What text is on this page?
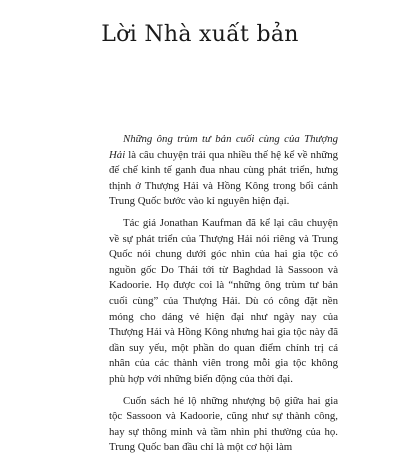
Lời Nhà xuất bản

Những ông trùm tư bản cuối cùng của Thượng Hải là câu chuyện trải qua nhiều thế hệ kể về những đế chế kinh tế ganh đua nhau cùng phát triển, hưng thịnh ở Thượng Hải và Hồng Kông trong bối cảnh Trung Quốc bước vào kỉ nguyên hiện đại.

Tác giả Jonathan Kaufman đã kể lại câu chuyện về sự phát triển của Thượng Hải nói riêng và Trung Quốc nói chung dưới góc nhìn của hai gia tộc có nguồn gốc Do Thái tới từ Baghdad là Sassoon và Kadoorie. Họ được coi là “những ông trùm tư bản cuối cùng” của Thượng Hải. Dù có công đặt nền móng cho dáng vẻ hiện đại như ngày nay của Thượng Hải và Hồng Kông nhưng hai gia tộc này đã dần suy yếu, một phần do quan điểm chính trị cá nhân của các thành viên trong mỗi gia tộc không phù hợp với những biến động của thời đại.

Cuốn sách hé lộ những nhượng bộ giữa hai gia tộc Sassoon và Kadoorie, cũng như sự thành công, hay sự thông minh và tầm nhìn phi thường của họ. Trung Quốc ban đầu chỉ là một cơ hội làm
